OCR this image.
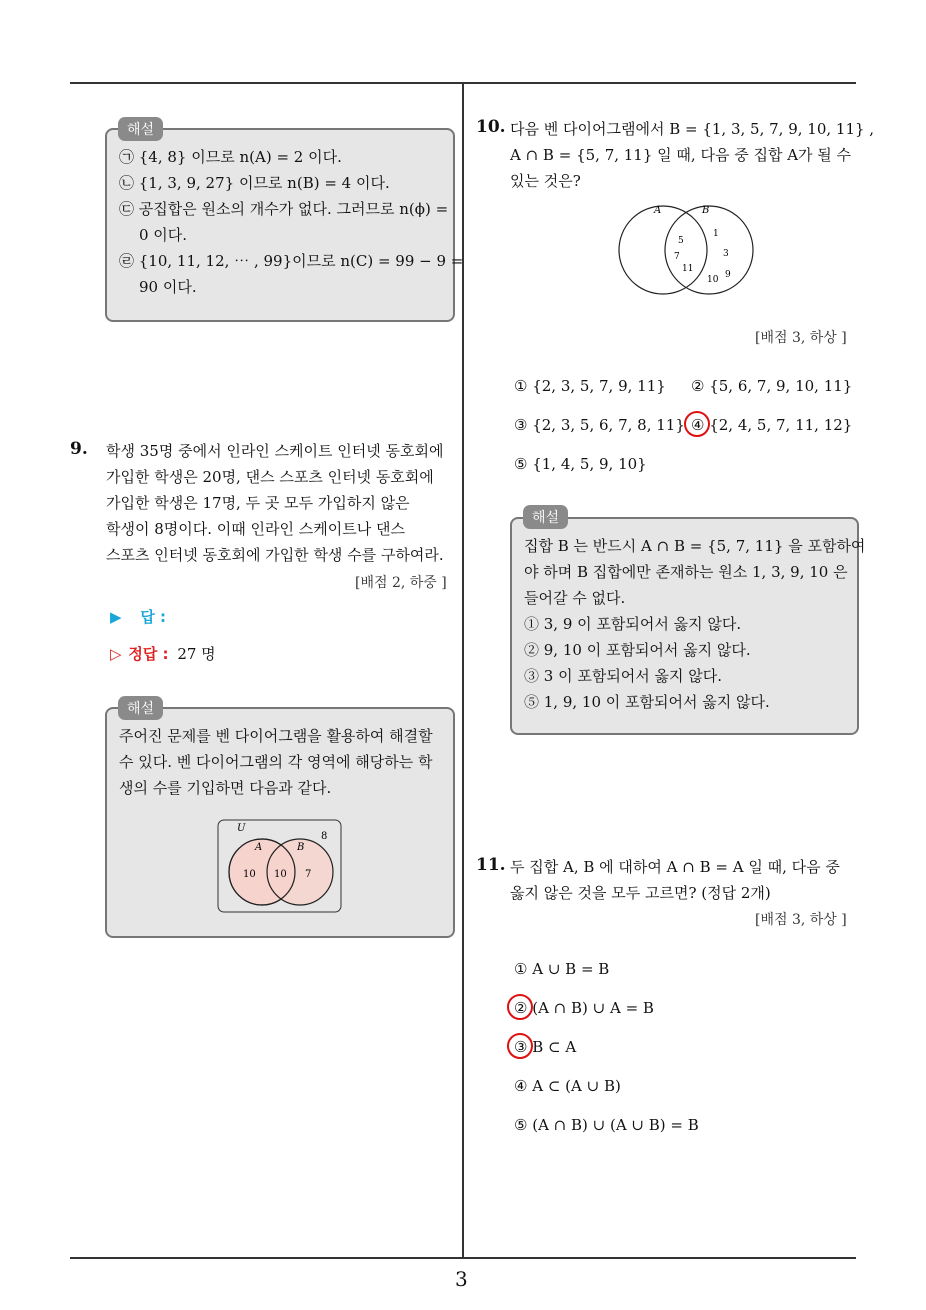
㉠ {4, 8} 이므로 n(A) = 2 이다.
㉡ {1, 3, 9, 27} 이므로 n(B) = 4 이다.
㉢ 공집합은 원소의 개수가 없다. 그러므로 n(ϕ) =
0 이다.
㉣ {10, 11, 12, ⋯ , 99}이므로 n(C) = 99 − 9 =
90 이다.
해설
9. 학생 35명 중에서 인라인 스케이트 인터넷 동호회에
가입한 학생은 20명, 댄스 스포츠 인터넷 동호회에
가입한 학생은 17명, 두 곳 모두 가입하지 않은
학생이 8명이다. 이때 인라인 스케이트나 댄스
스포츠 인터넷 동호회에 가입한 학생 수를 구하여라.
[배점 2, 하중 ]
▶ 답 :
▷ 정답 : 27 명
주어진 문제를 벤 다이어그램을 활용하여 해결할
수 있다. 벤 다이어그램의 각 영역에 해당하는 학
생의 수를 기입하면 다음과 같다.
U
8
A	B
10 10 7
해설
10. 다음 벤 다이어그램에서 B = {1, 3, 5, 7, 9, 10, 11} ,
A ∩ B = {5, 7, 11} 일 때, 다음 중 집합 A가 될 수
있는 것은?
A	B
5
7
11
1
3
10 9
[배점 3, 하상 ]
① {2, 3, 5, 7, 9, 11} ② {5, 6, 7, 9, 10, 11}
③ {2, 3, 5, 6, 7, 8, 11} ④ {2, 4, 5, 7, 11, 12}
⑤ {1, 4, 5, 9, 10}
집합 B 는 반드시 A ∩ B = {5, 7, 11} 을 포함하여
야 하며 B 집합에만 존재하는 원소 1, 3, 9, 10 은
들어갈 수 없다.
① 3, 9 이 포함되어서 옳지 않다.
② 9, 10 이 포함되어서 옳지 않다.
③ 3 이 포함되어서 옳지 않다.
⑤ 1, 9, 10 이 포함되어서 옳지 않다.
해설
11. 두 집합 A, B 에 대하여 A ∩ B = A 일 때, 다음 중
옳지 않은 것을 모두 고르면? (정답 2개)
[배점 3, 하상 ]
① A ∪ B = B
② (A ∩ B) ∪ A = B
③ B ⊂ A
④ A ⊂ (A ∪ B)
⑤ (A ∩ B) ∪ (A ∪ B) = B
3
